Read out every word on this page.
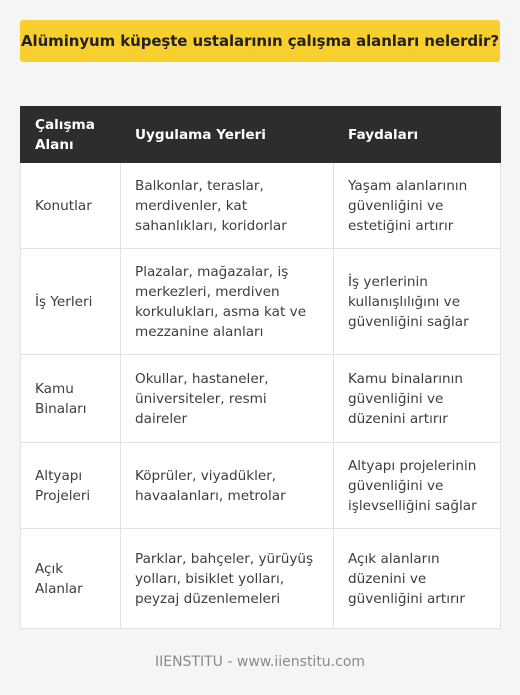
Alüminyum küpeşte ustalarının çalışma alanları nelerdir?
Çalışma Alanı	Uygulama Yerleri	Faydaları
Konutlar	Balkonlar, teraslar, merdivenler, kat sahanlıkları, koridorlar	Yaşam alanlarının güvenliğini ve estetiğini artırır
İş Yerleri	Plazalar, mağazalar, iş merkezleri, merdiven korkulukları, asma kat ve mezzanine alanları	İş yerlerinin kullanışlılığını ve güvenliğini sağlar
Kamu Binaları	Okullar, hastaneler, üniversiteler, resmi daireler	Kamu binalarının güvenliğini ve düzenini artırır
Altyapı Projeleri	Köprüler, viyadükler, havaalanları, metrolar	Altyapı projelerinin güvenliğini ve işlevselliğini sağlar
Açık Alanlar	Parklar, bahçeler, yürüyüş yolları, bisiklet yolları, peyzaj düzenlemeleri	Açık alanların düzenini ve güvenliğini artırır
IIENSTITU - www.iienstitu.com
